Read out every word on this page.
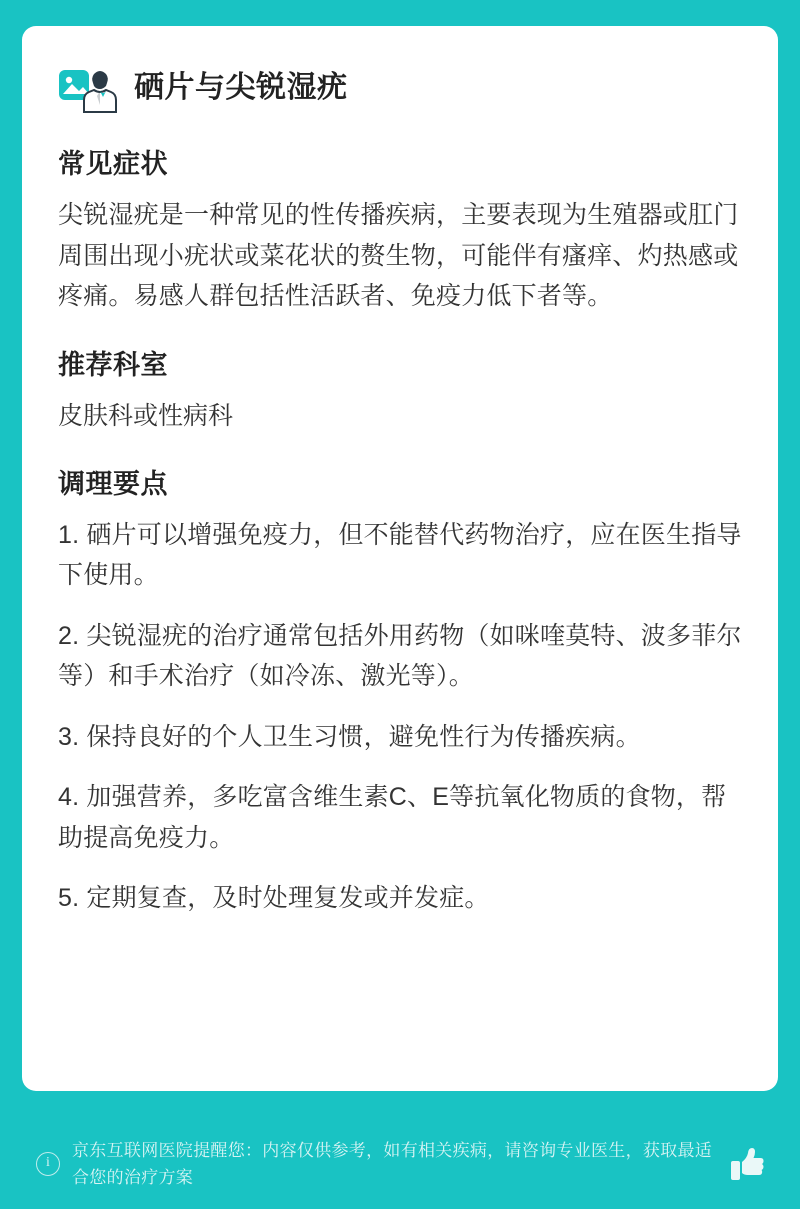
硒片与尖锐湿疣
常见症状

尖锐湿疣是一种常见的性传播疾病，主要表现为生殖器或肛门周围出现小疣状或菜花状的赘生物，可能伴有瘙痒、灼热感或疼痛。易感人群包括性活跃者、免疫力低下者等。

推荐科室

皮肤科或性病科

调理要点
1. 硒片可以增强免疫力，但不能替代药物治疗，应在医生指导下使用。
2. 尖锐湿疣的治疗通常包括外用药物（如咪喹莫特、波多菲尔等）和手术治疗（如冷冻、激光等）。
3. 保持良好的个人卫生习惯，避免性行为传播疾病。
4. 加强营养，多吃富含维生素C、E等抗氧化物质的食物，帮助提高免疫力。
5. 定期复查，及时处理复发或并发症。
i
京东互联网医院提醒您：内容仅供参考，如有相关疾病，请咨询专业医生，获取最适合您的治疗方案
